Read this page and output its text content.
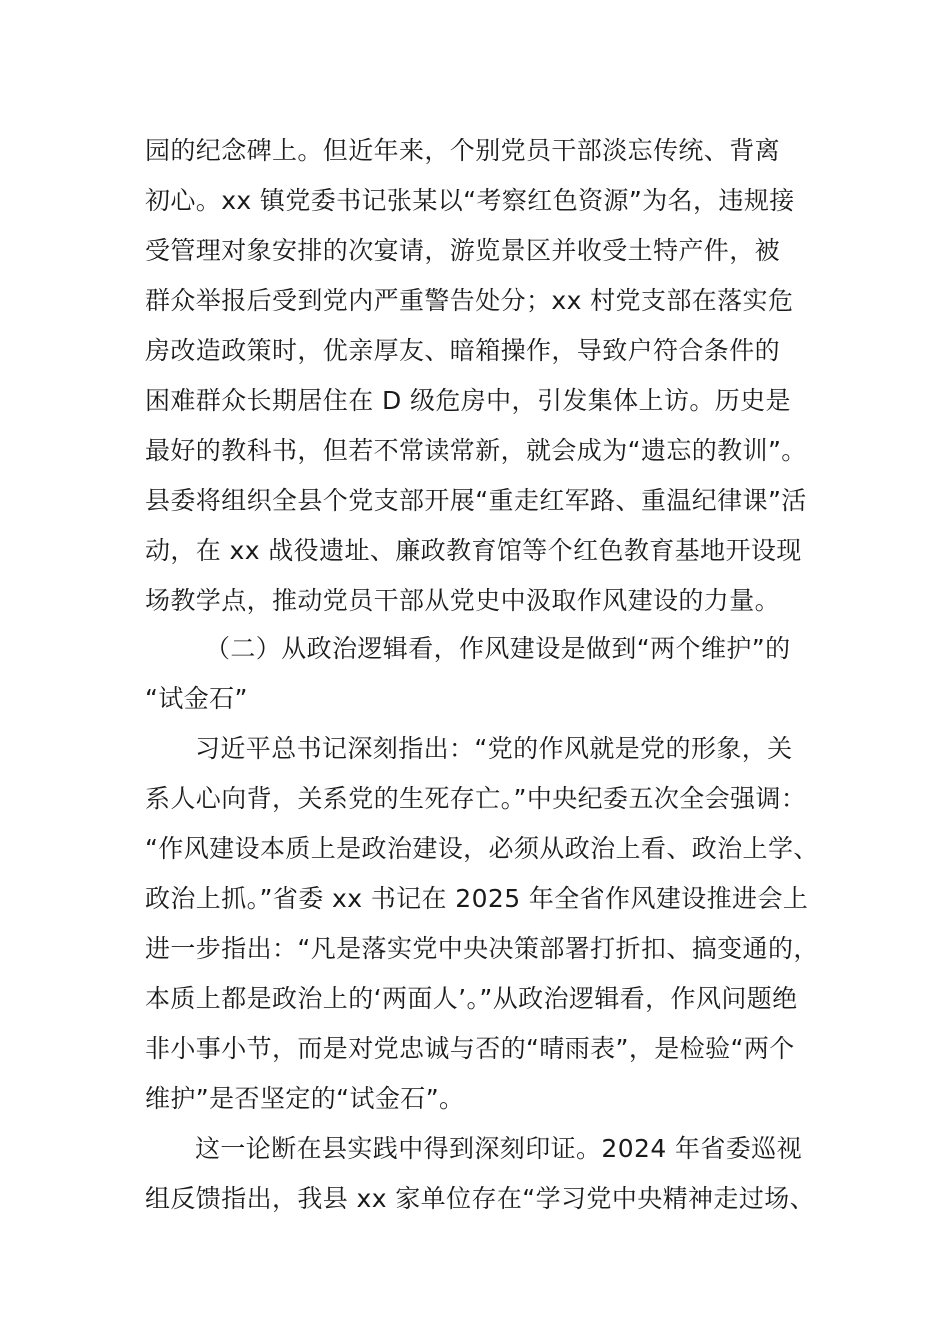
园的纪念碑上。但近年来，个别党员干部淡忘传统、背离
初心。xx 镇党委书记张某以“考察红色资源”为名，违规接
受管理对象安排的次宴请，游览景区并收受土特产件，被
群众举报后受到党内严重警告处分；xx 村党支部在落实危
房改造政策时，优亲厚友、暗箱操作，导致户符合条件的
困难群众长期居住在 D 级危房中，引发集体上访。历史是
最好的教科书，但若不常读常新，就会成为“遗忘的教训”。
县委将组织全县个党支部开展“重走红军路、重温纪律课”活
动，在 xx 战役遗址、廉政教育馆等个红色教育基地开设现
场教学点，推动党员干部从党史中汲取作风建设的力量。
（二）从政治逻辑看，作风建设是做到“两个维护”的
“试金石”
习近平总书记深刻指出：“党的作风就是党的形象，关
系人心向背，关系党的生死存亡。”中央纪委五次全会强调：
“作风建设本质上是政治建设，必须从政治上看、政治上学、
政治上抓。”省委 xx 书记在 2025 年全省作风建设推进会上
进一步指出：“凡是落实党中央决策部署打折扣、搞变通的，
本质上都是政治上的‘两面人’。”从政治逻辑看，作风问题绝
非小事小节，而是对党忠诚与否的“晴雨表”，是检验“两个
维护”是否坚定的“试金石”。
这一论断在县实践中得到深刻印证。2024 年省委巡视
组反馈指出，我县 xx 家单位存在“学习党中央精神走过场、
